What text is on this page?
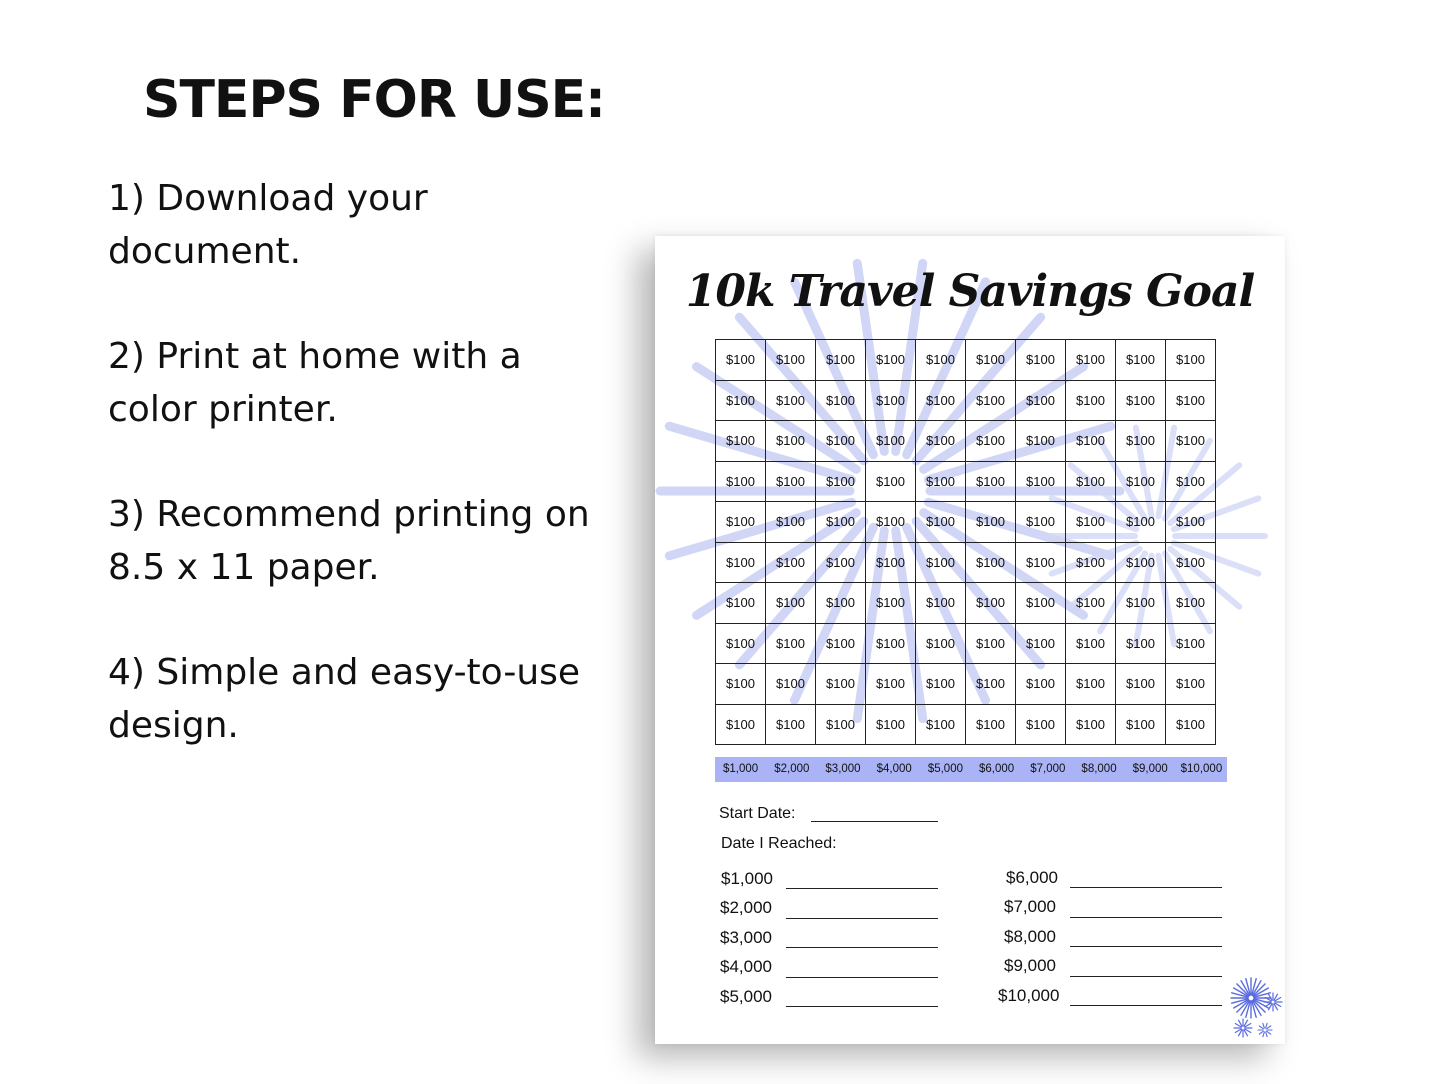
STEPS FOR USE:

1) Download your document.

2) Print at home with a color printer.

3) Recommend printing on 8.5 x 11 paper.

4) Simple and easy-to-use design.

10k Travel Savings Goal
$100	$100	$100	$100	$100	$100	$100	$100	$100	$100
$100	$100	$100	$100	$100	$100	$100	$100	$100	$100
$100	$100	$100	$100	$100	$100	$100	$100	$100	$100
$100	$100	$100	$100	$100	$100	$100	$100	$100	$100
$100	$100	$100	$100	$100	$100	$100	$100	$100	$100
$100	$100	$100	$100	$100	$100	$100	$100	$100	$100
$100	$100	$100	$100	$100	$100	$100	$100	$100	$100
$100	$100	$100	$100	$100	$100	$100	$100	$100	$100
$100	$100	$100	$100	$100	$100	$100	$100	$100	$100
$100	$100	$100	$100	$100	$100	$100	$100	$100	$100
$1,000	$2,000	$3,000	$4,000	$5,000	$6,000	$7,000	$8,000	$9,000	$10,000
Start Date:
Date I Reached:
$1,000
$2,000
$3,000
$4,000
$5,000
$6,000
$7,000
$8,000
$9,000
$10,000
